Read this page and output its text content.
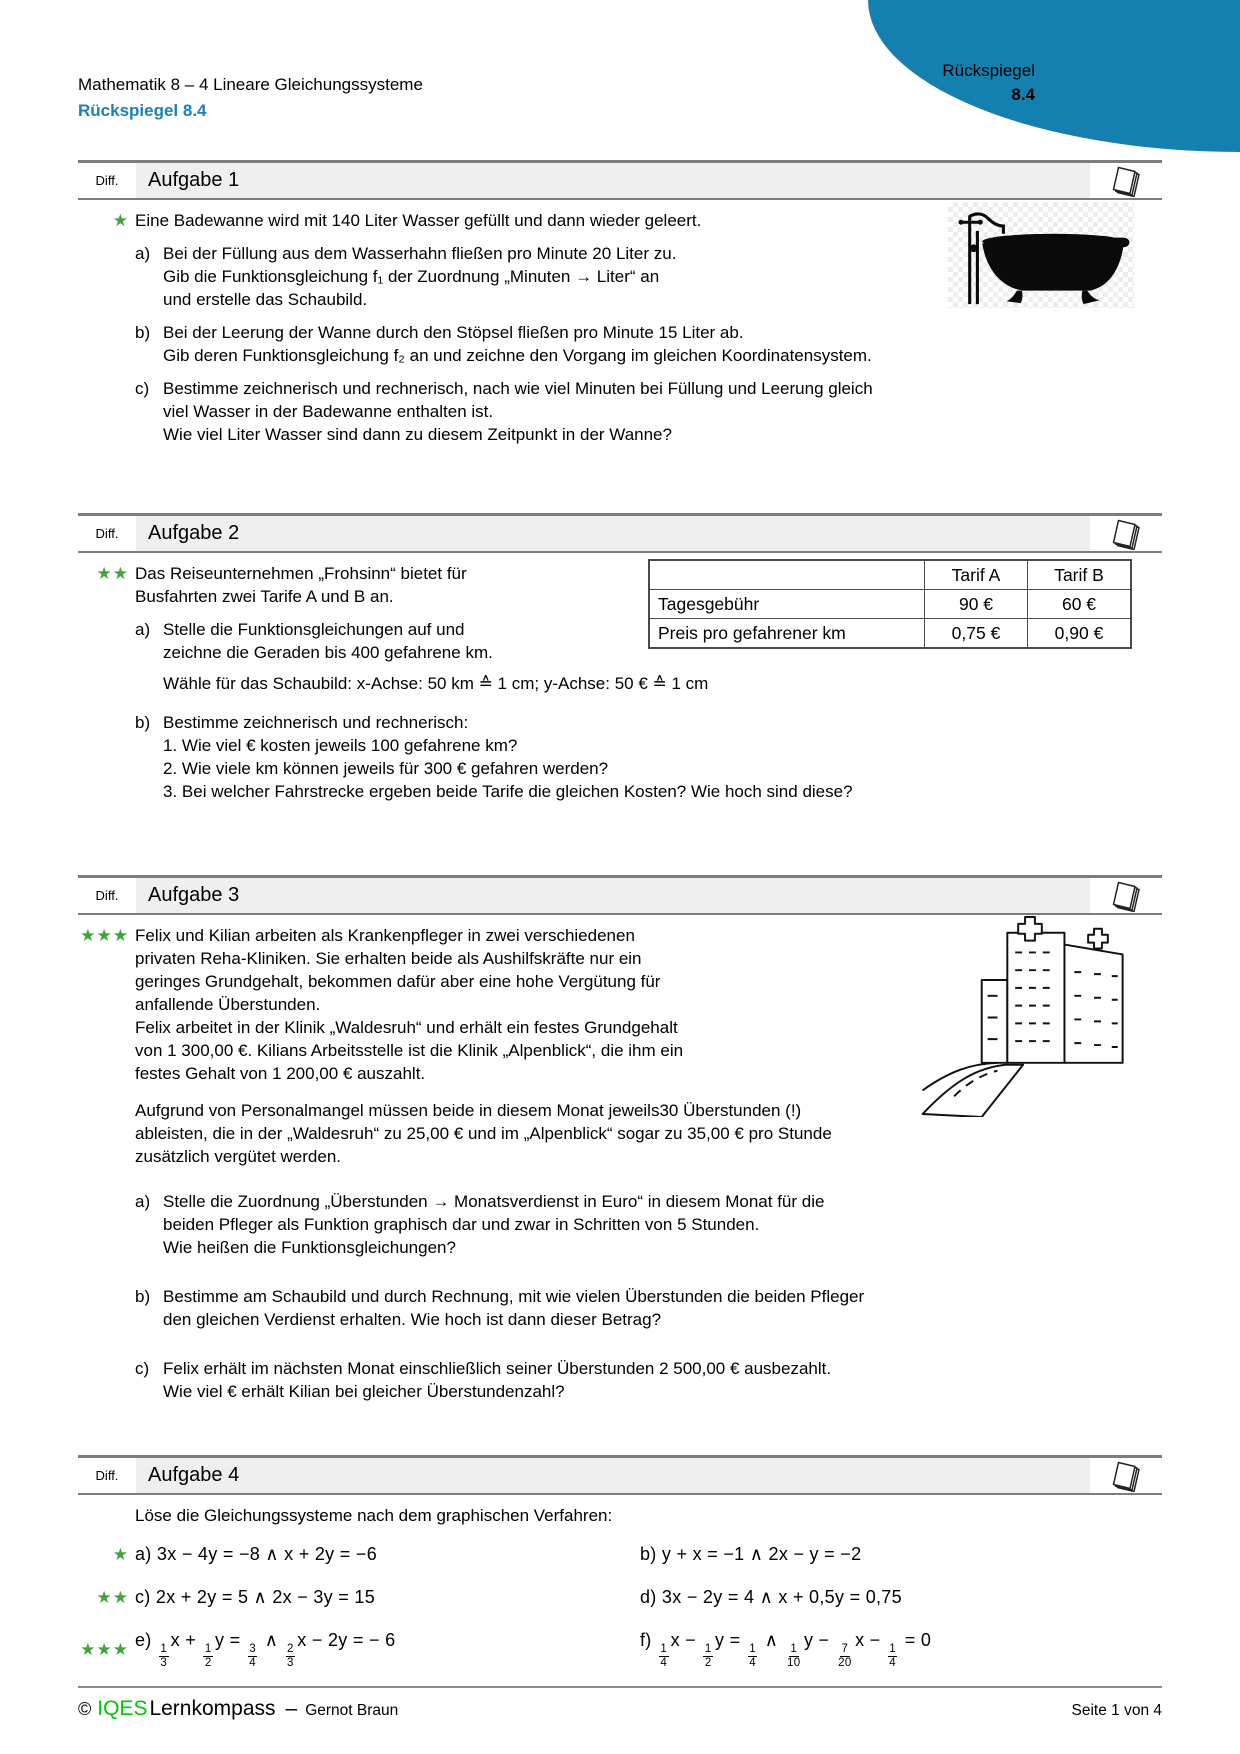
Rückspiegel
8.4
Mathematik 8 – 4 Lineare Gleichungssysteme
Rückspiegel 8.4
Diff.	Aufgabe 1
★ Eine Badewanne wird mit 140 Liter Wasser gefüllt und dann wieder geleert.
a) Bei der Füllung aus dem Wasserhahn fließen pro Minute 20 Liter zu.
Gib die Funktionsgleichung f₁ der Zuordnung „Minuten → Liter“ an
und erstelle das Schaubild.
b) Bei der Leerung der Wanne durch den Stöpsel fließen pro Minute 15 Liter ab.
Gib deren Funktionsgleichung f₂ an und zeichne den Vorgang im gleichen Koordinatensystem.
c) Bestimme zeichnerisch und rechnerisch, nach wie viel Minuten bei Füllung und Leerung gleich
viel Wasser in der Badewanne enthalten ist.
Wie viel Liter Wasser sind dann zu diesem Zeitpunkt in der Wanne?
Diff.	Aufgabe 2
	Tarif A	Tarif B
Tagesgebühr	90 €	60 €
Preis pro gefahrener km	0,75 €	0,90 €
★★ Das Reiseunternehmen „Frohsinn“ bietet für
Busfahrten zwei Tarife A und B an.
a) Stelle die Funktionsgleichungen auf und
zeichne die Geraden bis 400 gefahrene km.
Wähle für das Schaubild: x-Achse: 50 km ≙ 1 cm; y-Achse: 50 € ≙ 1 cm
b) Bestimme zeichnerisch und rechnerisch:
1. Wie viel € kosten jeweils 100 gefahrene km?
2. Wie viele km können jeweils für 300 € gefahren werden?
3. Bei welcher Fahrstrecke ergeben beide Tarife die gleichen Kosten? Wie hoch sind diese?
Diff.	Aufgabe 3
★★★ Felix und Kilian arbeiten als Krankenpfleger in zwei verschiedenen
privaten Reha-Kliniken. Sie erhalten beide als Aushilfskräfte nur ein
geringes Grundgehalt, bekommen dafür aber eine hohe Vergütung für
anfallende Überstunden.
Felix arbeitet in der Klinik „Waldesruh“ und erhält ein festes Grundgehalt
von 1 300,00 €. Kilians Arbeitsstelle ist die Klinik „Alpenblick“, die ihm ein
festes Gehalt von 1 200,00 € auszahlt.
Aufgrund von Personalmangel müssen beide in diesem Monat jeweils30 Überstunden (!)
ableisten, die in der „Waldesruh“ zu 25,00 € und im „Alpenblick“ sogar zu 35,00 € pro Stunde
zusätzlich vergütet werden.
a) Stelle die Zuordnung „Überstunden → Monatsverdienst in Euro“ in diesem Monat für die
beiden Pfleger als Funktion graphisch dar und zwar in Schritten von 5 Stunden.
Wie heißen die Funktionsgleichungen?
b) Bestimme am Schaubild und durch Rechnung, mit wie vielen Überstunden die beiden Pfleger
den gleichen Verdienst erhalten. Wie hoch ist dann dieser Betrag?
c) Felix erhält im nächsten Monat einschließlich seiner Überstunden 2 500,00 € ausbezahlt.
Wie viel € erhält Kilian bei gleicher Überstundenzahl?
Diff.	Aufgabe 4
Löse die Gleichungssysteme nach dem graphischen Verfahren:
★ a) 3x − 4y = −8 ∧ x + 2y = −6	b) y + x = −1 ∧ 2x − y = −2
★★ c) 2x + 2y = 5 ∧ 2x − 3y = 15	d) 3x − 2y = 4 ∧ x + 0,5y = 0,75
★★★ e)
$\frac{1}{3}$
x +
$\frac{1}{2}$
y =
$\frac{3}{4}$
∧
$\frac{2}{3}$
x − 2y = − 6	f)
$\frac{1}{4}$
x −
$\frac{1}{2}$
y =
$\frac{1}{4}$
∧
$\frac{1}{10}$
y −
$\frac{7}{20}$
x −
$\frac{1}{4}$
= 0
© IQES Lernkompass – Gernot Braun	Seite 1 von 4
